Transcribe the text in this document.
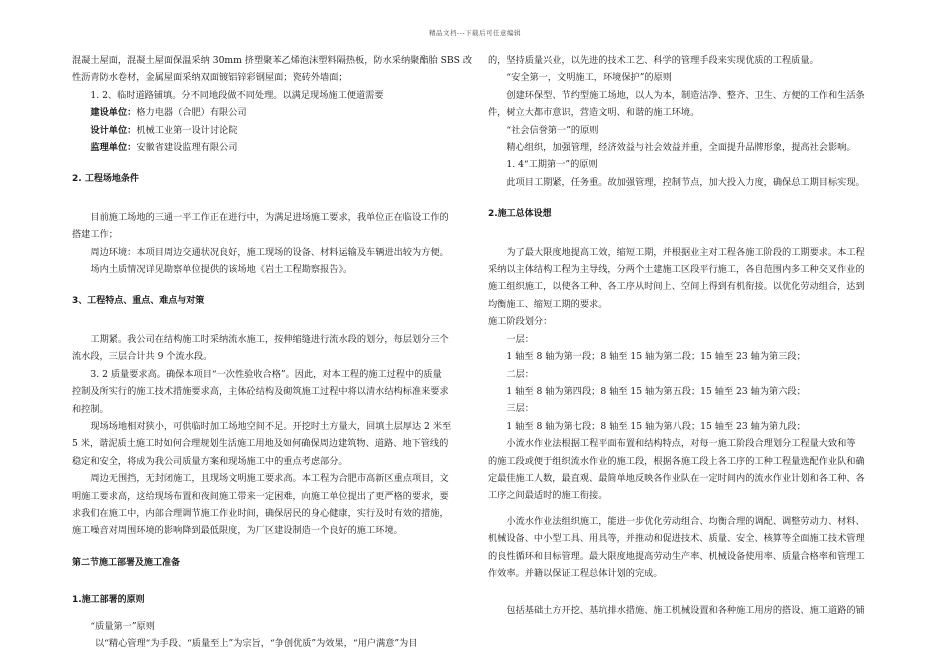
精品文档---下载后可任意编辑

混凝土屋面，混凝土屋面保温采纳 30mm 挤塑聚苯乙烯泡沫塑料隔热板，防水采纳聚酯胎 SBS 改

性沥青防水卷材，金属屋面采纳双面镀铝锌彩钢屋面；瓷砖外墙面；

1. 2、临时道路铺填。分不同地段做不同处理。以满足现场施工便道需要

建设单位：格力电器（合肥）有限公司

设计单位：机械工业第一设计讨论院

监理单位：安徽省建设监理有限公司

2. 工程场地条件

目前施工场地的三通一平工作正在进行中，为满足进场施工要求，我单位正在临设工作的

搭建工作；

周边环境：本项目周边交通状况良好，施工现场的设备、材料运输及车辆进出较为方便。

场内土质情况详见勘察单位提供的该场地《岩土工程勘察报告》。

3、工程特点、重点、难点与对策

工期紧。我公司在结构施工时采纳流水施工，按伸缩缝进行流水段的划分，每层划分三个

流水段，三层合计共 9 个流水段。

3. 2 质量要求高。确保本项目“一次性验收合格”。因此，对本工程的施工过程中的质量

控制及所实行的施工技术措施要求高，主体砼结构及砌筑施工过程中将以清水结构标准来要求

和控制。

现场场地相对狭小，可供临时加工场地空间不足。开挖时土方量大，回填土层厚达 2 米至

5 米，谐泥质土施工时如何合理规划生活施工用地及如何确保周边建筑物、道路、地下管线的

稳定和安全，将成为我公司质量方案和现场施工中的重点考虑部分。

周边无围挡，无封闭施工，且现场文明施工要求高。本工程为合肥市高新区重点项目，文

明施工要求高，这给现场布置和夜间施工带来一定困难，向施工单位提出了更严格的要求，要

求我们在施工中，内部合理调节施工作业时间，确保居民的身心健康，实行及时有效的措施，

施工噪音对周围环境的影响降到最低限度，为厂区建设制造一个良好的施工环境。

第二节施工部署及施工准备

1.施工部署的原则

“质量第一”原则

以“精心管理“为手段、“质量至上”为宗旨，“争创优质”为效果，“用户满意”为目

的，坚持质量兴业，以先进的技术工艺、科学的管理手段来实现优质的工程质量。

“安全第一，文明施工，环境保护”的原则

创建环保型、节约型施工场地，以人为本，制造洁净、整齐、卫生、方便的工作和生活条

件，树立大都市意识，营造文明、和谐的施工环境。

“社会信誉第一”的原则

精心组织，加强管理，经济效益与社会效益并重，全面提升品牌形象，提高社会影响。

1. 4“工期第一”的原则

此项目工期紧，任务重。故加强管理，控制节点，加大投入力度，确保总工期目标实现。

2.施工总体设想

为了最大限度地提高工效，缩短工期，并根据业主对工程各施工阶段的工期要求。本工程

采纳以主体结构工程为主导线，分两个土建施工区段平行施工，各自范围内多工种交叉作业的

施工组织施工，以使各工种、各工序从时间上、空间上得到有机衔接。以优化劳动组合，达到

均衡施工、缩短工期的要求。

施工阶段划分：

一层：

1 轴至 8 轴为第一段；8 轴至 15 轴为第二段；15 轴至 23 轴为第三段；

二层：

1 轴至 8 轴为第四段；8 轴至 15 轴为第五段；15 轴至 23 轴为第六段；

三层：

1 轴至 8 轴为第七段；8 轴至 15 轴为第八段；15 轴至 23 轴为第九段；

小流水作业法根据工程平面布置和结构特点，对每一施工阶段合理划分工程量大致和等

的施工段或便于组织流水作业的施工段，根据各施工段上各工序的工种工程量选配作业队和确

定最佳施工人数，最直观、最简单地反映各作业队在一定时间内的流水作业计划和各工种、各

工序之间最适时的施工衔接。

小流水作业法组织施工，能进一步优化劳动组合、均衡合理的调配、调整劳动力、材料、

机械设备、中小型工具、用具等，并推动和促进技术、质量、安全、核算等全面施工技术管理

的良性循环和目标管理。最大限度地提高劳动生产率、机械设备使用率、质量合格率和管理工

作效率。并籍以保证工程总体计划的完成。

包括基础土方开挖、基坑排水措施、施工机械设置和各种施工用房的搭设、施工道路的铺
